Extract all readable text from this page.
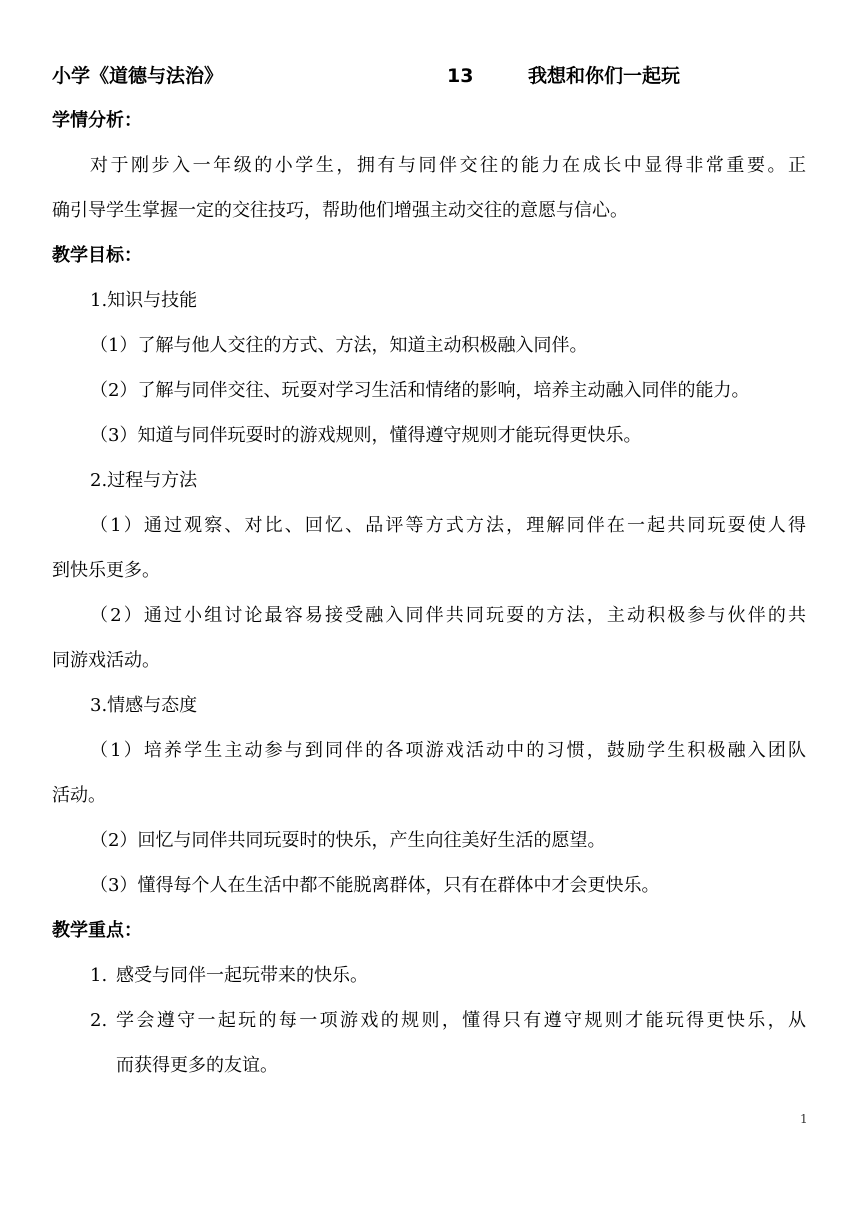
小学《道德与法治》	13	我想和你们一起玩
学情分析：
对于刚步入一年级的小学生，拥有与同伴交往的能力在成长中显得非常重要。正
确引导学生掌握一定的交往技巧，帮助他们增强主动交往的意愿与信心。
教学目标：
1.知识与技能
（1）了解与他人交往的方式、方法，知道主动积极融入同伴。
（2）了解与同伴交往、玩耍对学习生活和情绪的影响，培养主动融入同伴的能力。
（3）知道与同伴玩耍时的游戏规则，懂得遵守规则才能玩得更快乐。
2.过程与方法
（1）通过观察、对比、回忆、品评等方式方法，理解同伴在一起共同玩耍使人得
到快乐更多。
（2）通过小组讨论最容易接受融入同伴共同玩耍的方法，主动积极参与伙伴的共
同游戏活动。
3.情感与态度
（1）培养学生主动参与到同伴的各项游戏活动中的习惯，鼓励学生积极融入团队
活动。
（2）回忆与同伴共同玩耍时的快乐，产生向往美好生活的愿望。
（3）懂得每个人在生活中都不能脱离群体，只有在群体中才会更快乐。
教学重点：
1. 感受与同伴一起玩带来的快乐。
2. 学会遵守一起玩的每一项游戏的规则，懂得只有遵守规则才能玩得更快乐，从
而获得更多的友谊。
1
